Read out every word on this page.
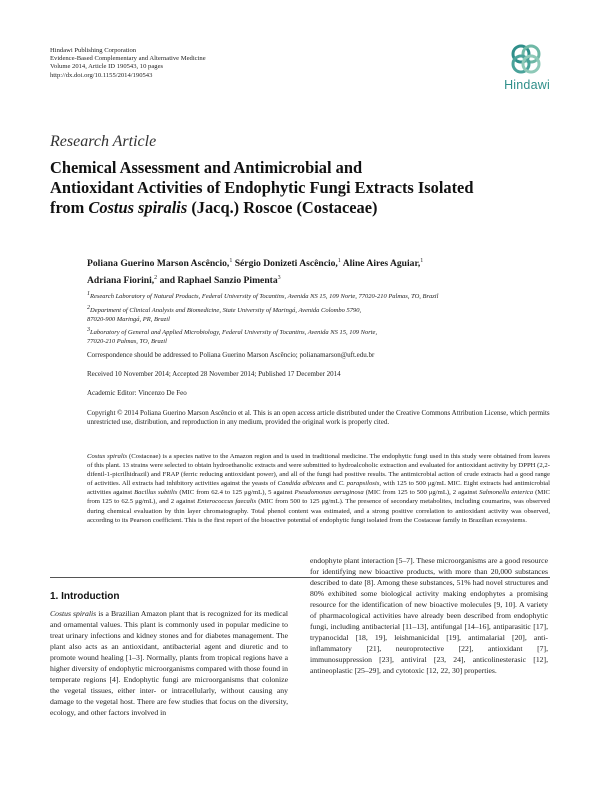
Hindawi Publishing Corporation
Evidence-Based Complementary and Alternative Medicine
Volume 2014, Article ID 190543, 10 pages
http://dx.doi.org/10.1155/2014/190543
Hindawi
Research Article
Chemical Assessment and Antimicrobial and
Antioxidant Activities of Endophytic Fungi Extracts Isolated
from Costus spiralis (Jacq.) Roscoe (Costaceae)
Poliana Guerino Marson Ascêncio,$^1$ Sérgio Donizeti Ascêncio,$^1$ Aline Aires Aguiar,$^1$
Adriana Fiorini,$^2$ and Raphael Sanzio Pimenta$^3$
$^1$Research Laboratory of Natural Products, Federal University of Tocantins, Avenida NS 15, 109 Norte, 77020-210 Palmas, TO, Brazil
$^2$Department of Clinical Analysis and Biomedicine, State University of Maringá, Avenida Colombo 5790,
87020-900 Maringá, PR, Brazil
$^3$Laboratory of General and Applied Microbiology, Federal University of Tocantins, Avenida NS 15, 109 Norte,
77020-210 Palmas, TO, Brazil
Correspondence should be addressed to Poliana Guerino Marson Ascêncio; polianamarson@uft.edu.br
Received 10 November 2014; Accepted 28 November 2014; Published 17 December 2014
Academic Editor: Vincenzo De Feo
Copyright © 2014 Poliana Guerino Marson Ascêncio et al. This is an open access article distributed under the Creative Commons Attribution License, which permits unrestricted use, distribution, and reproduction in any medium, provided the original work is properly cited.
Costus spiralis (Costaceae) is a species native to the Amazon region and is used in traditional medicine. The endophytic fungi used in this study were obtained from leaves of this plant. 13 strains were selected to obtain hydroethanolic extracts and were submitted to hydroalcoholic extraction and evaluated for antioxidant activity by DPPH (2,2-difenil-1-picrilhidrazil) and FRAP (ferric reducing antioxidant power), and all of the fungi had positive results. The antimicrobial action of crude extracts had a good range of activities. All extracts had inhibitory activities against the yeasts of Candida albicans and C. parapsilosis, with 125 to 500 μg/mL MIC. Eight extracts had antimicrobial activities against Bacillus subtilis (MIC from 62.4 to 125 μg/mL), 5 against Pseudomonas aeruginosa (MIC from 125 to 500 μg/mL), 2 against Salmonella enterica (MIC from 125 to 62.5 μg/mL), and 2 against Enterococcus faecalis (MIC from 500 to 125 μg/mL). The presence of secondary metabolites, including coumarins, was observed during chemical evaluation by thin layer chromatography. Total phenol content was estimated, and a strong positive correlation to antioxidant activity was observed, according to its Pearson coefficient. This is the first report of the bioactive potential of endophytic fungi isolated from the Costaceae family in Brazilian ecosystems.
1. Introduction
Costus spiralis is a Brazilian Amazon plant that is recognized for its medical and ornamental values. This plant is commonly used in popular medicine to treat urinary infections and kidney stones and for diabetes management. The plant also acts as an antioxidant, antibacterial agent and diuretic and to promote wound healing [1–3]. Normally, plants from tropical regions have a higher diversity of endophytic microorganisms compared with those found in temperate regions [4]. Endophytic fungi are microorganisms that colonize the vegetal tissues, either inter- or intracellularly, without causing any damage to the vegetal host. There are few studies that focus on the diversity, ecology, and other factors involved in
endophyte plant interaction [5–7]. These microorganisms are a good resource for identifying new bioactive products, with more than 20,000 substances described to date [8]. Among these substances, 51% had novel structures and 80% exhibited some biological activity making endophytes a promising resource for the identification of new bioactive molecules [9, 10]. A variety of pharmacological activities have already been described from endophytic fungi, including antibacterial [11–13], antifungal [14–16], antiparasitic [17], trypanocidal [18, 19], leishmanicidal [19], antimalarial [20], anti-inflammatory [21], neuroprotective [22], antioxidant [7], immunosuppression [23], antiviral [23, 24], anticolinesterasic [12], antineoplastic [25–29], and cytotoxic [12, 22, 30] properties.
